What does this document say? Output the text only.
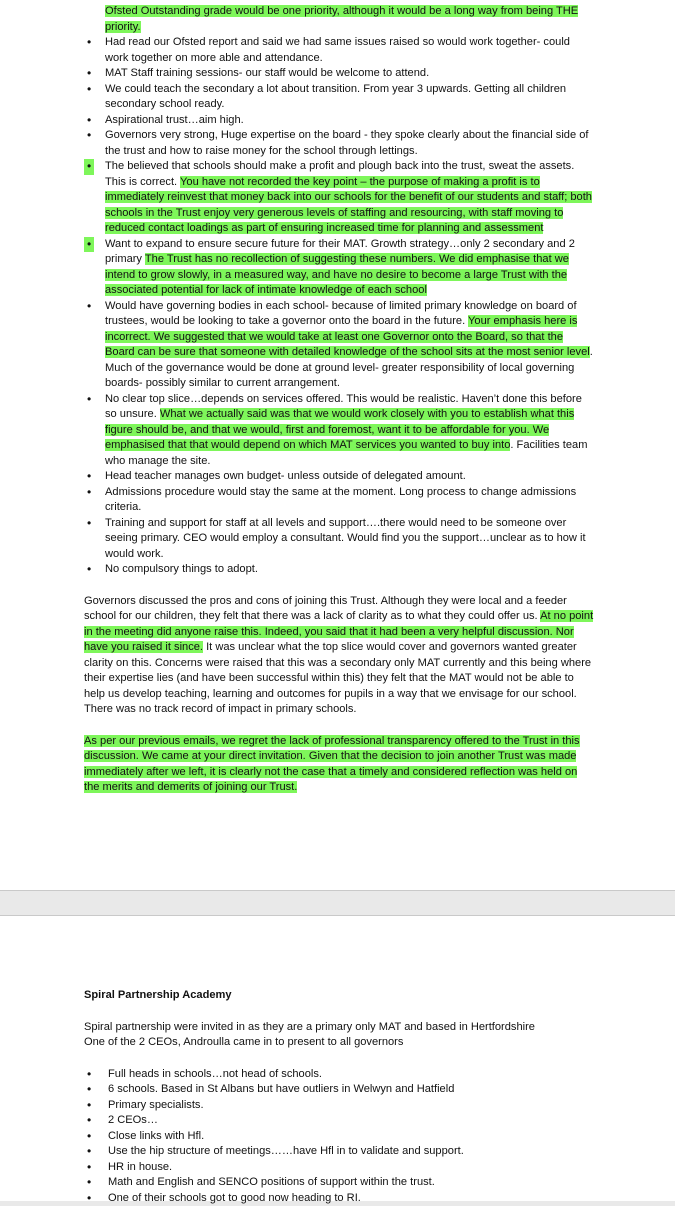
Ofsted Outstanding grade would be one priority, although it would be a long way from being THE priority.

• Had read our Ofsted report and said we had same issues raised so would work together- could work together on more able and attendance.
• MAT Staff training sessions- our staff would be welcome to attend.
• We could teach the secondary a lot about transition. From year 3 upwards. Getting all children secondary school ready.
• Aspirational trust…aim high.
• Governors very strong, Huge expertise on the board - they spoke clearly about the financial side of the trust and how to raise money for the school through lettings.
• The believed that schools should make a profit and plough back into the trust, sweat the assets. This is correct. You have not recorded the key point – the purpose of making a profit is to immediately reinvest that money back into our schools for the benefit of our students and staff; both schools in the Trust enjoy very generous levels of staffing and resourcing, with staff moving to reduced contact loadings as part of ensuring increased time for planning and assessment
• Want to expand to ensure secure future for their MAT. Growth strategy…only 2 secondary and 2 primary The Trust has no recollection of suggesting these numbers. We did emphasise that we intend to grow slowly, in a measured way, and have no desire to become a large Trust with the associated potential for lack of intimate knowledge of each school
• Would have governing bodies in each school- because of limited primary knowledge on board of trustees, would be looking to take a governor onto the board in the future. Your emphasis here is incorrect. We suggested that we would take at least one Governor onto the Board, so that the Board can be sure that someone with detailed knowledge of the school sits at the most senior level. Much of the governance would be done at ground level- greater responsibility of local governing boards- possibly similar to current arrangement.
• No clear top slice…depends on services offered. This would be realistic. Haven’t done this before so unsure. What we actually said was that we would work closely with you to establish what this figure should be, and that we would, first and foremost, want it to be affordable for you. We emphasised that that would depend on which MAT services you wanted to buy into. Facilities team who manage the site.
• Head teacher manages own budget- unless outside of delegated amount.
• Admissions procedure would stay the same at the moment. Long process to change admissions criteria.
• Training and support for staff at all levels and support….there would need to be someone over seeing primary. CEO would employ a consultant. Would find you the support…unclear as to how it would work.
• No compulsory things to adopt.

Governors discussed the pros and cons of joining this Trust. Although they were local and a feeder school for our children, they felt that there was a lack of clarity as to what they could offer us. At no point in the meeting did anyone raise this. Indeed, you said that it had been a very helpful discussion. Nor have you raised it since. It was unclear what the top slice would cover and governors wanted greater clarity on this. Concerns were raised that this was a secondary only MAT currently and this being where their expertise lies (and have been successful within this) they felt that the MAT would not be able to help us develop teaching, learning and outcomes for pupils in a way that we envisage for our school. There was no track record of impact in primary schools.

As per our previous emails, we regret the lack of professional transparency offered to the Trust in this discussion. We came at your direct invitation. Given that the decision to join another Trust was made immediately after we left, it is clearly not the case that a timely and considered reflection was held on the merits and demerits of joining our Trust.

Spiral Partnership Academy

Spiral partnership were invited in as they are a primary only MAT and based in Hertfordshire

One of the 2 CEOs, Androulla came in to present to all governors

• Full heads in schools…not head of schools.
• 6 schools. Based in St Albans but have outliers in Welwyn and Hatfield
• Primary specialists.
• 2 CEOs…
• Close links with Hfl.
• Use the hip structure of meetings……have Hfl in to validate and support.
• HR in house.
• Math and English and SENCO positions of support within the trust.
• One of their schools got to good now heading to RI.
